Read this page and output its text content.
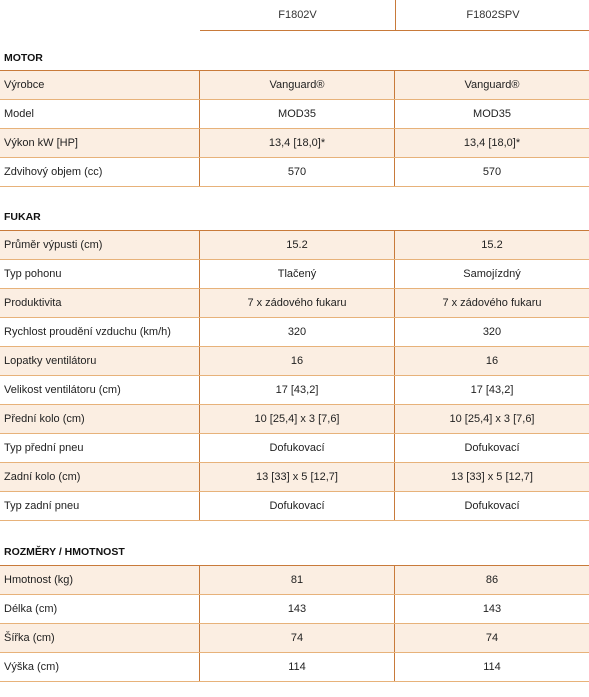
F1802V	F1802SPV
MOTOR
Výrobce	Vanguard®	Vanguard®
Model	MOD35	MOD35
Výkon kW [HP]	13,4 [18,0]*	13,4 [18,0]*
Zdvihový objem (cc)	570	570
FUKAR
Průměr výpusti (cm)	15.2	15.2
Typ pohonu	Tlačený	Samojízdný
Produktivita	7 x zádového fukaru	7 x zádového fukaru
Rychlost proudění vzduchu (km/h)	320	320
Lopatky ventilátoru	16	16
Velikost ventilátoru (cm)	17 [43,2]	17 [43,2]
Přední kolo (cm)	10 [25,4] x 3 [7,6]	10 [25,4] x 3 [7,6]
Typ přední pneu	Dofukovací	Dofukovací
Zadní kolo (cm)	13 [33] x 5 [12,7]	13 [33] x 5 [12,7]
Typ zadní pneu	Dofukovací	Dofukovací
ROZMĚRY / HMOTNOST
Hmotnost (kg)	81	86
Délka (cm)	143	143
Šířka (cm)	74	74
Výška (cm)	114	114
